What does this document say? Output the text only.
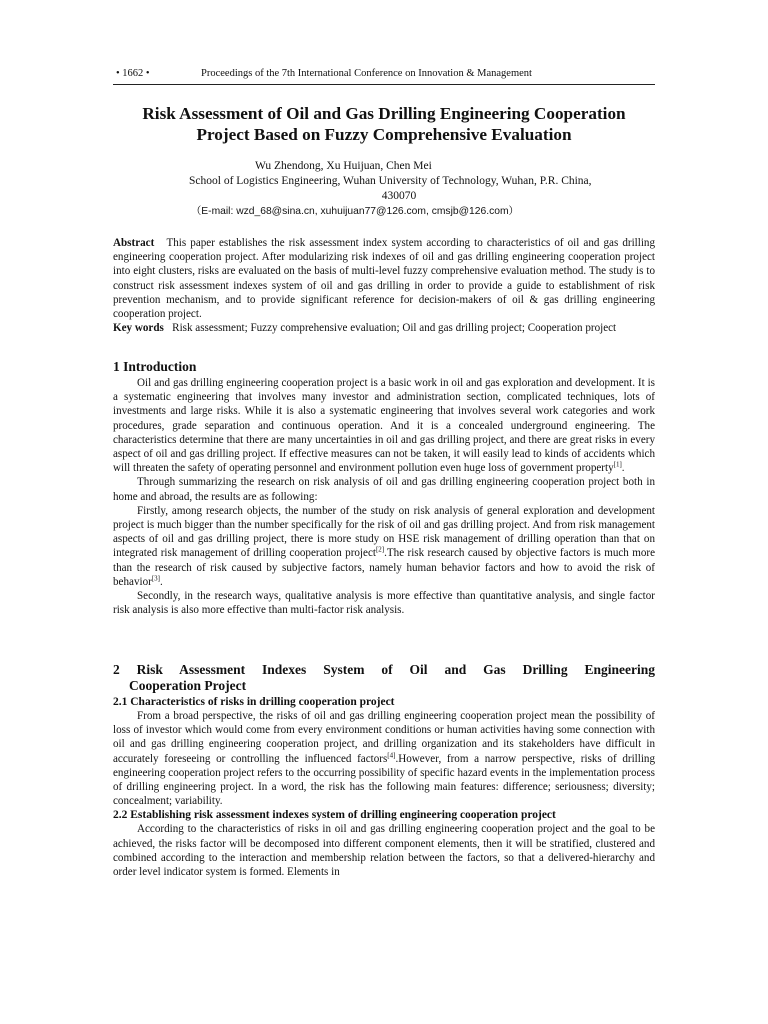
• 1662 •	Proceedings of the 7th International Conference on Innovation & Management
Risk Assessment of Oil and Gas Drilling Engineering Cooperation
Project Based on Fuzzy Comprehensive Evaluation
Wu Zhendong, Xu Huijuan, Chen Mei
School of Logistics Engineering, Wuhan University of Technology, Wuhan, P.R. China,
430070
（E-mail: wzd_68@sina.cn, xuhuijuan77@126.com, cmsjb@126.com）
Abstract This paper establishes the risk assessment index system according to characteristics of oil and gas drilling engineering cooperation project. After modularizing risk indexes of oil and gas drilling engineering cooperation project into eight clusters, risks are evaluated on the basis of multi-level fuzzy comprehensive evaluation method. The study is to construct risk assessment indexes system of oil and gas drilling in order to provide a guide to establishment of risk prevention mechanism, and to provide significant reference for decision-makers of oil & gas drilling engineering cooperation project.
Key words Risk assessment; Fuzzy comprehensive evaluation; Oil and gas drilling project; Cooperation project
1 Introduction

Oil and gas drilling engineering cooperation project is a basic work in oil and gas exploration and development. It is a systematic engineering that involves many investor and administration section, complicated techniques, lots of investments and large risks. While it is also a systematic engineering that involves several work categories and work procedures, grade separation and continuous operation. And it is a concealed underground engineering. The characteristics determine that there are many uncertainties in oil and gas drilling project, and there are great risks in every aspect of oil and gas drilling project. If effective measures can not be taken, it will easily lead to kinds of accidents which will threaten the safety of operating personnel and environment pollution even huge loss of government property[1].

Through summarizing the research on risk analysis of oil and gas drilling engineering cooperation project both in home and abroad, the results are as following:

Firstly, among research objects, the number of the study on risk analysis of general exploration and development project is much bigger than the number specifically for the risk of oil and gas drilling project. And from risk management aspects of oil and gas drilling project, there is more study on HSE risk management of drilling operation than that on integrated risk management of drilling cooperation project[2].The risk research caused by objective factors is much more than the research of risk caused by subjective factors, namely human behavior factors and how to avoid the risk of behavior[3].

Secondly, in the research ways, qualitative analysis is more effective than quantitative analysis, and single factor risk analysis is also more effective than multi-factor risk analysis.

2 Risk Assessment Indexes System of Oil and Gas Drilling Engineering
Cooperation Project
2.1 Characteristics of risks in drilling cooperation project

From a broad perspective, the risks of oil and gas drilling engineering cooperation project mean the possibility of loss of investor which would come from every environment conditions or human activities having some connection with oil and gas drilling engineering cooperation project, and drilling organization and its stakeholders have difficult in accurately foreseeing or controlling the influenced factors[4].However, from a narrow perspective, risks of drilling engineering cooperation project refers to the occurring possibility of specific hazard events in the implementation process of drilling engineering project. In a word, the risk has the following main features: difference; seriousness; diversity; concealment; variability.

2.2 Establishing risk assessment indexes system of drilling engineering cooperation project

According to the characteristics of risks in oil and gas drilling engineering cooperation project and the goal to be achieved, the risks factor will be decomposed into different component elements, then it will be stratified, clustered and combined according to the interaction and membership relation between the factors, so that a delivered-hierarchy and order level indicator system is formed. Elements in
